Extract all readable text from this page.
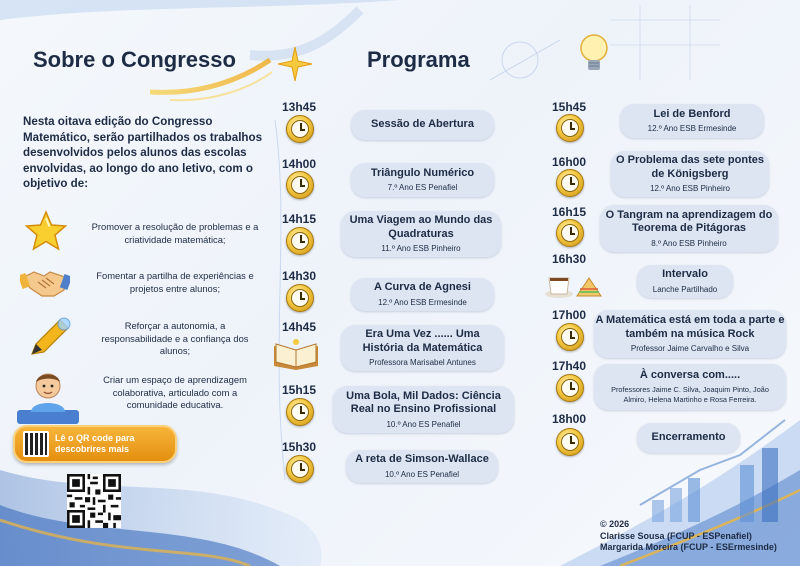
Sobre o Congresso
Nesta oitava edição do Congresso Matemático, serão partilhados os trabalhos desenvolvidos pelos alunos das escolas envolvidas, ao longo do ano letivo, com o objetivo de:
Promover a resolução de problemas e a criatividade matemática;
Fomentar a partilha de experiências e projetos entre alunos;
Reforçar a autonomia, a responsabilidade e a confiança dos alunos;
Criar um espaço de aprendizagem colaborativa, articulado com a comunidade educativa.
Lê o QR code para descobrires mais
Programa
13h45
Sessão de Abertura
14h00
Triângulo Numérico
7.º Ano ES Penafiel
14h15	Uma Viagem ao Mundo das Quadraturas
11.º Ano ESB Pinheiro
14h30
A Curva de Agnesi
12.º Ano ESB Ermesinde
14h45	Era Uma Vez ...... Uma História da Matemática
Professora Marisabel Antunes
15h15	Uma Bola, Mil Dados: Ciência Real no Ensino Profissional
10.º Ano ES Penafiel
15h30
A reta de Simson-Wallace
10.º Ano ES Penafiel
15h45	Lei de Benford
12.º Ano ESB Ermesinde
16h00	O Problema das sete pontes de Königsberg
12.º Ano ESB Pinheiro
16h15	O Tangram na aprendizagem do Teorema de Pitágoras
8.º Ano ESB Pinheiro
16h30
Intervalo
Lanche Partilhado
17h00 A Matemática está em toda a parte e também na música Rock
Professor Jaime Carvalho e Silva
17h40
À conversa com.....
Professores Jaime C. Silva, Joaquim Pinto, João Almiro, Helena Martinho e Rosa Ferreira.
18h00
Encerramento
© 2026
Clarisse Sousa (FCUP - ESPenafiel)
Margarida Moreira (FCUP - ESErmesinde)
